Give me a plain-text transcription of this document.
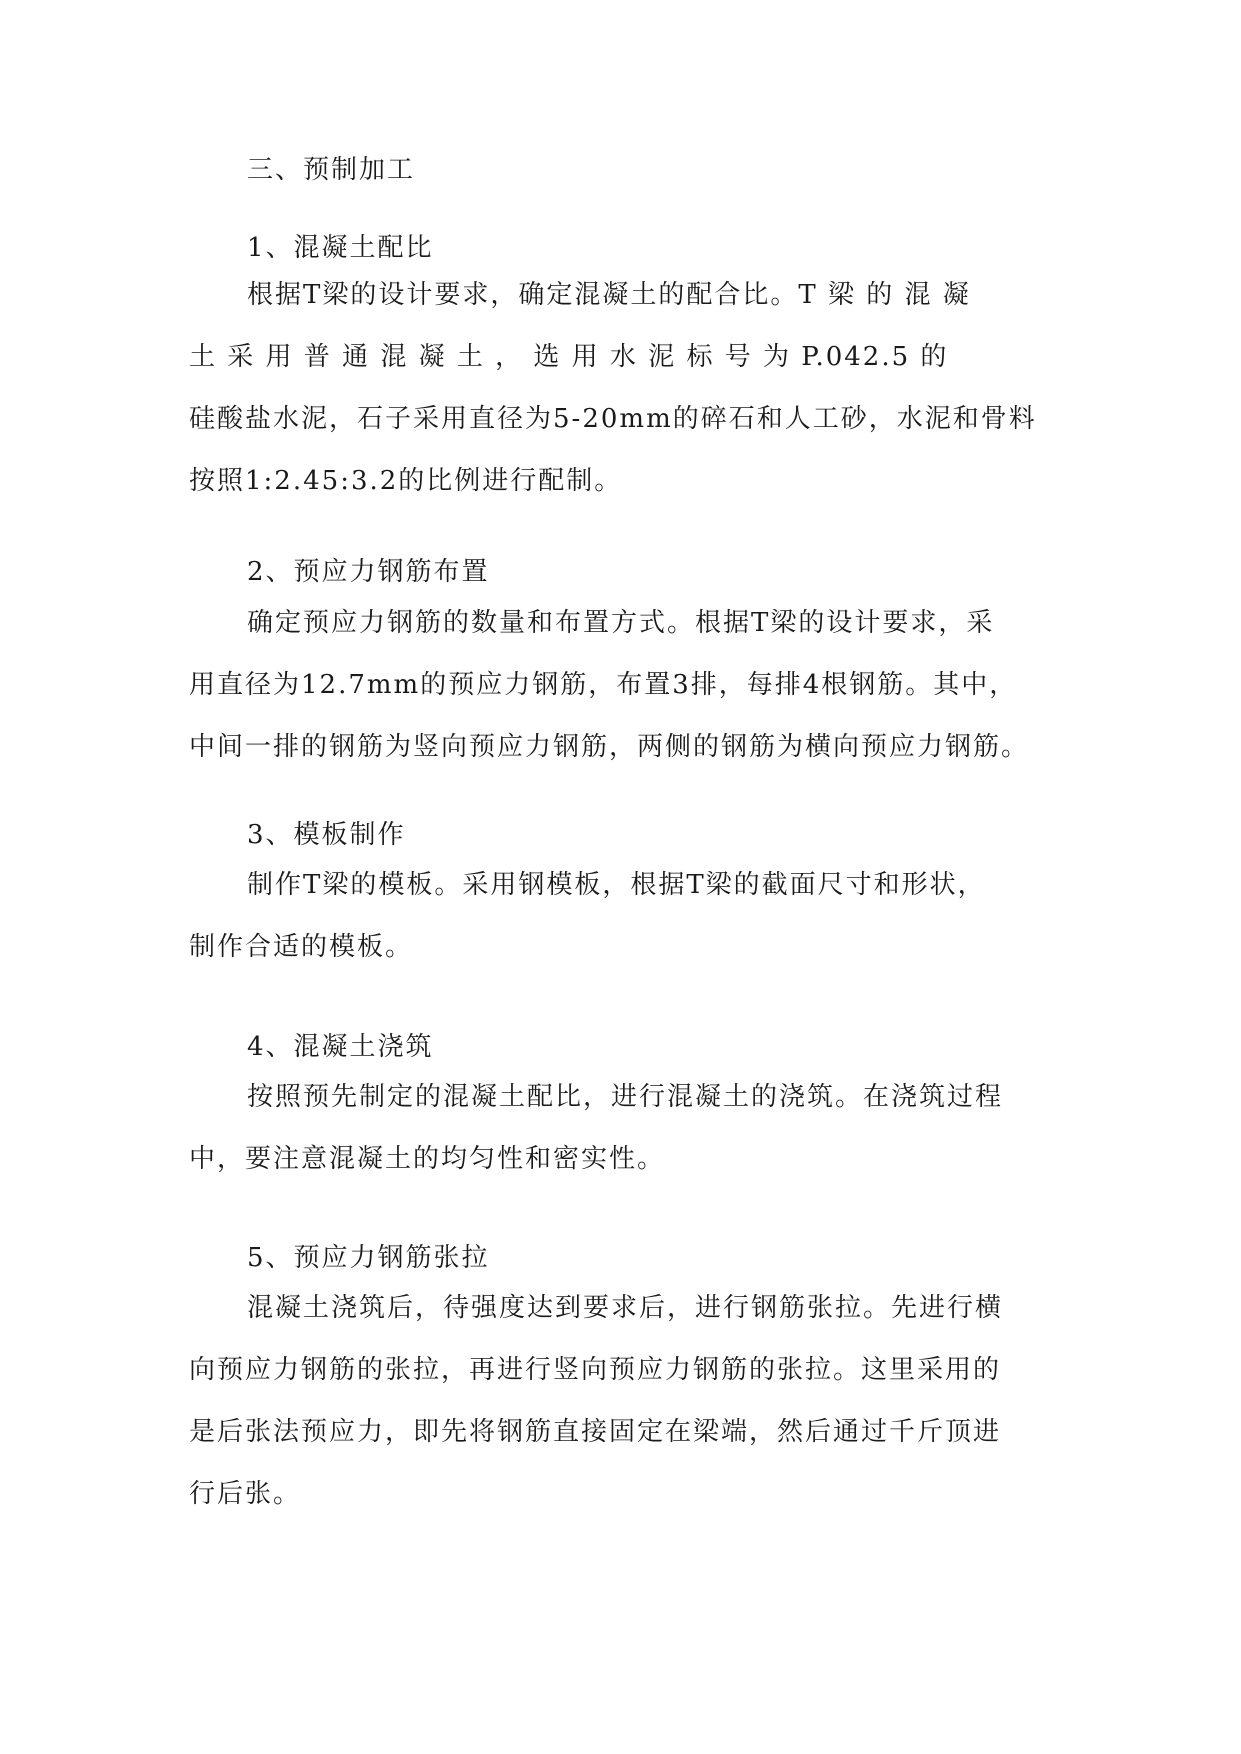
三、预制加工
1、混凝土配比
根据T梁的设计要求，确定混凝土的配合比。T 梁 的 混 凝
土 采 用 普 通 混 凝 土 ， 选 用 水 泥 标 号 为 P.042.5 的
硅酸盐水泥，石子采用直径为5-20mm的碎石和人工砂，水泥和骨料
按照1:2.45:3.2的比例进行配制。
2、预应力钢筋布置
确定预应力钢筋的数量和布置方式。根据T梁的设计要求，采
用直径为12.7mm的预应力钢筋，布置3排，每排4根钢筋。其中，
中间一排的钢筋为竖向预应力钢筋，两侧的钢筋为横向预应力钢筋。
3、模板制作
制作T梁的模板。采用钢模板，根据T梁的截面尺寸和形状，
制作合适的模板。
4、混凝土浇筑
按照预先制定的混凝土配比，进行混凝土的浇筑。在浇筑过程
中，要注意混凝土的均匀性和密实性。
5、预应力钢筋张拉
混凝土浇筑后，待强度达到要求后，进行钢筋张拉。先进行横
向预应力钢筋的张拉，再进行竖向预应力钢筋的张拉。这里采用的
是后张法预应力，即先将钢筋直接固定在梁端，然后通过千斤顶进
行后张。
